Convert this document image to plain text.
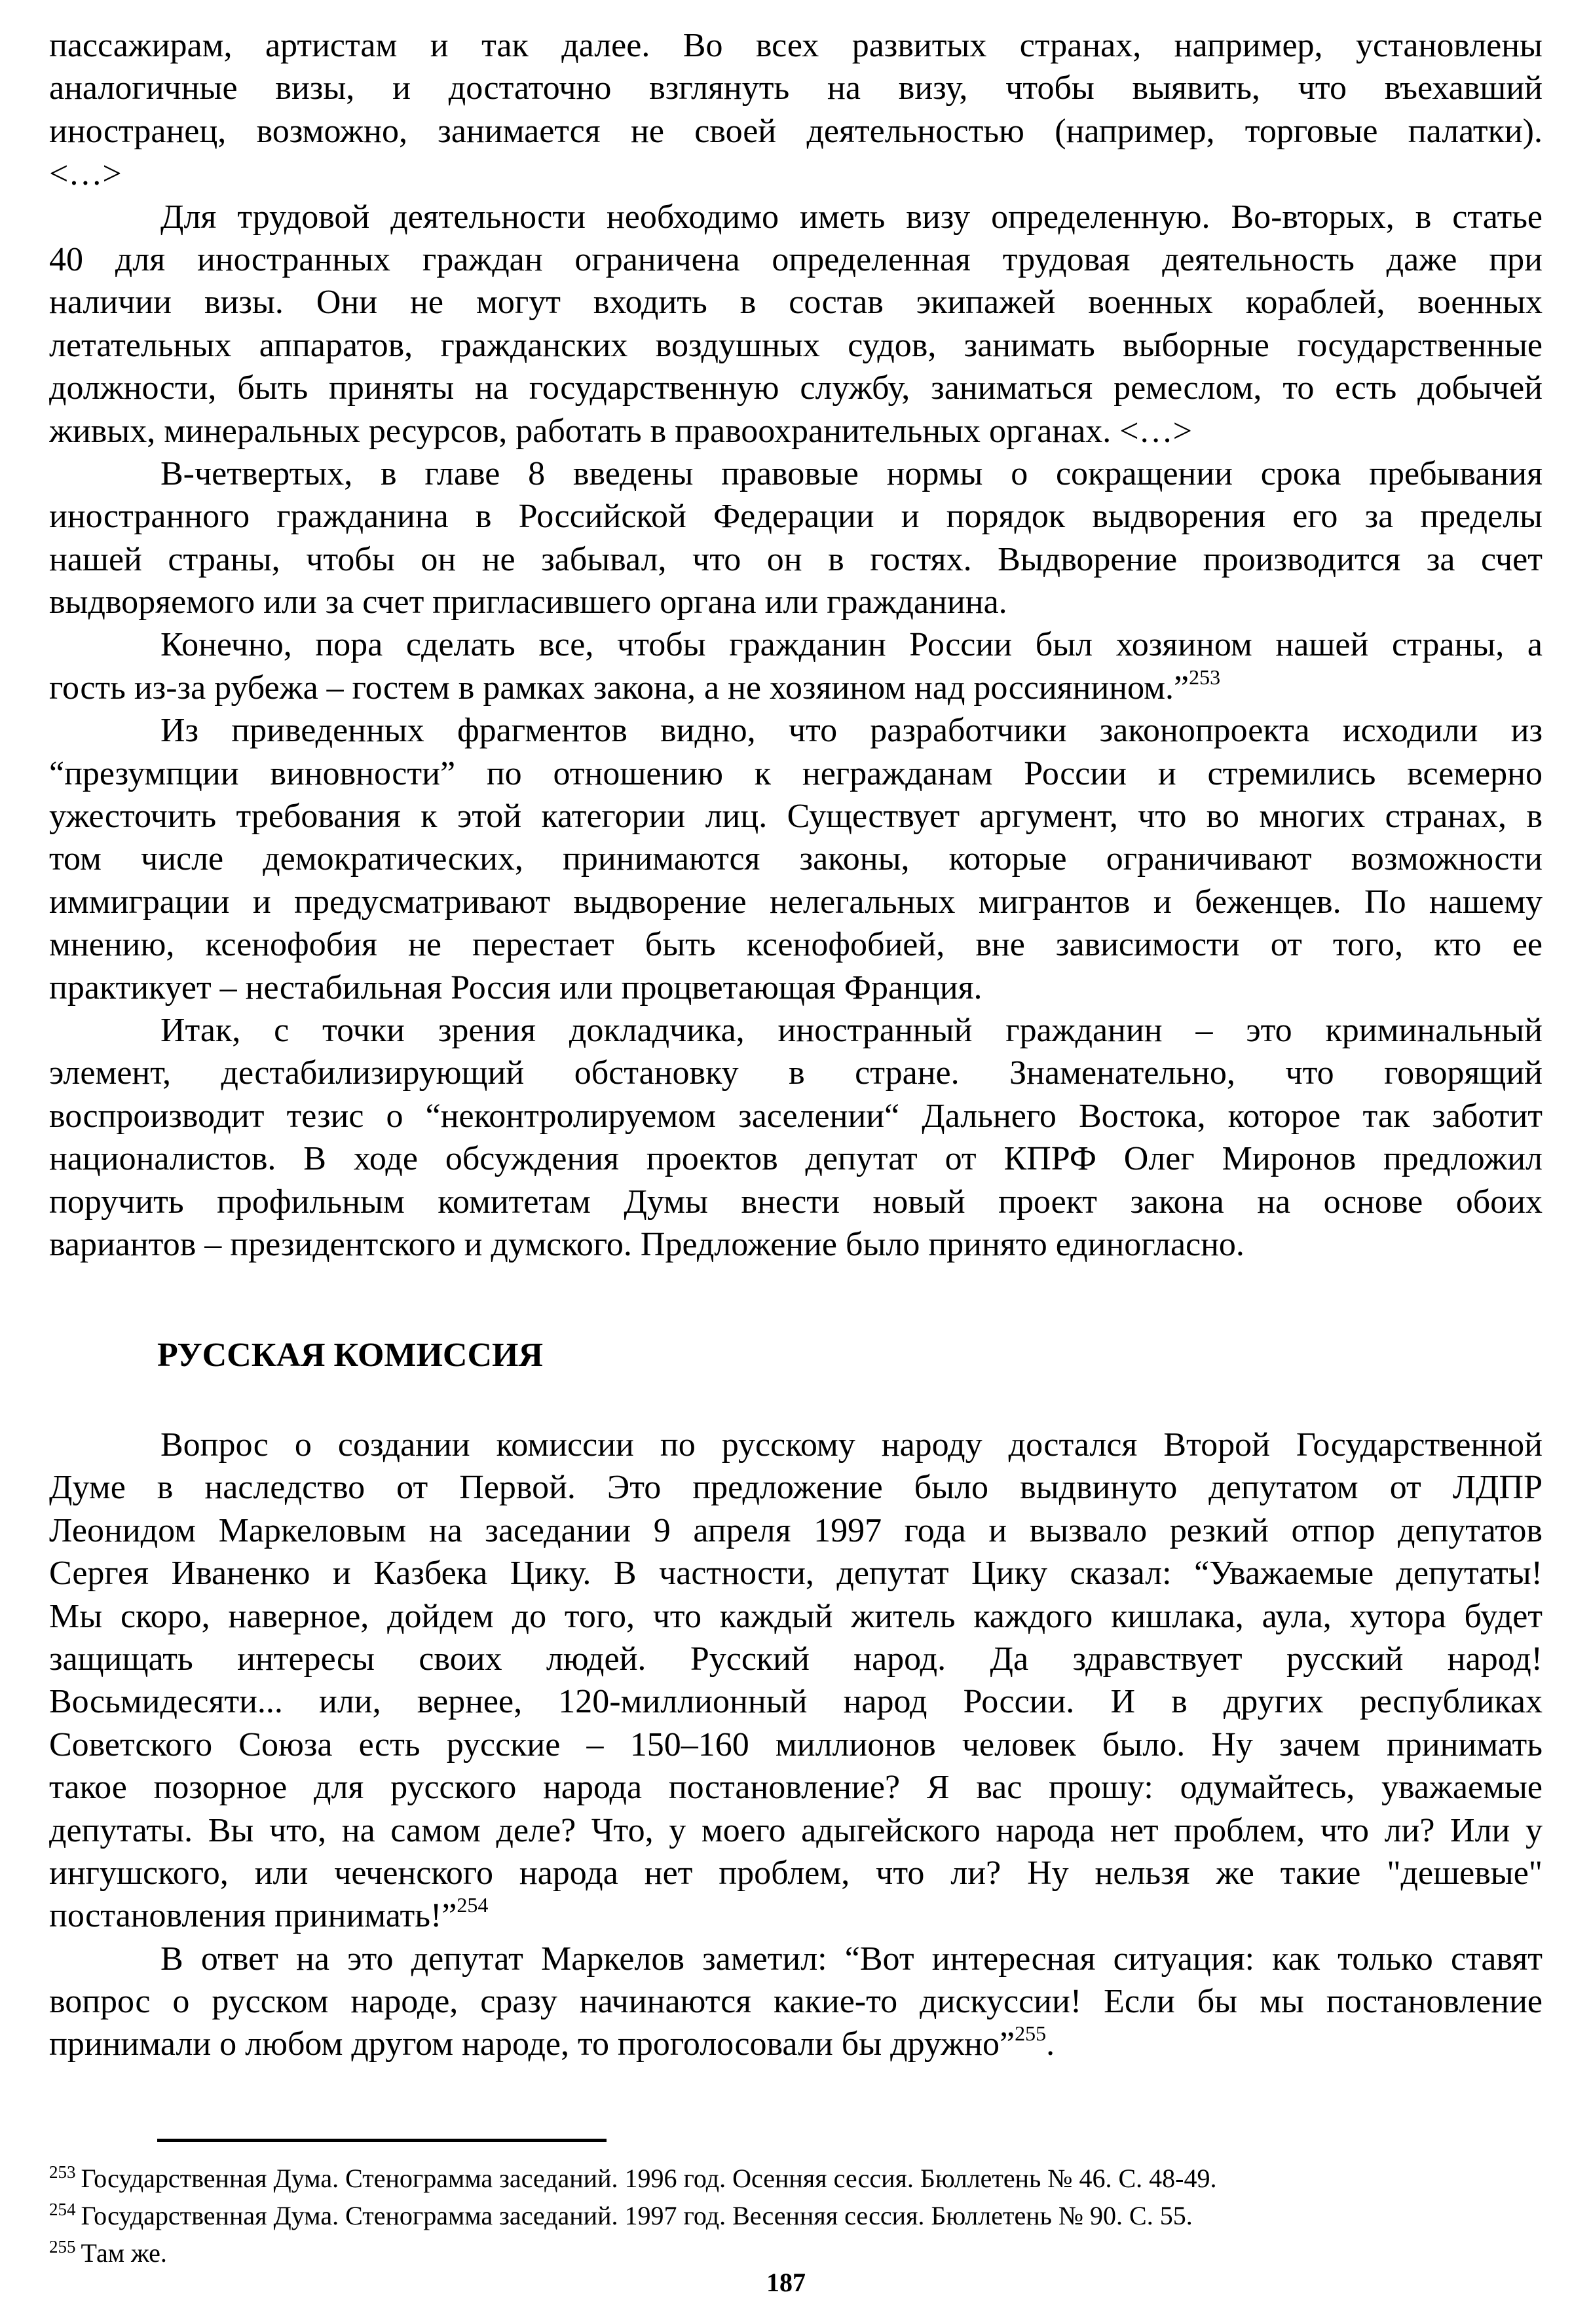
пассажирам, артистам и так далее. Во всех развитых странах, например, установлены
аналогичные визы, и достаточно взглянуть на визу, чтобы выявить, что въехавший
иностранец, возможно, занимается не своей деятельностью (например, торговые палатки).
<…>
Для трудовой деятельности необходимо иметь визу определенную. Во-вторых, в статье
40 для иностранных граждан ограничена определенная трудовая деятельность даже при
наличии визы. Они не могут входить в состав экипажей военных кораблей, военных
летательных аппаратов, гражданских воздушных судов, занимать выборные государственные
должности, быть приняты на государственную службу, заниматься ремеслом, то есть добычей
живых, минеральных ресурсов, работать в правоохранительных органах. <…>
В-четвертых, в главе 8 введены правовые нормы о сокращении срока пребывания
иностранного гражданина в Российской Федерации и порядок выдворения его за пределы
нашей страны, чтобы он не забывал, что он в гостях. Выдворение производится за счет
выдворяемого или за счет пригласившего органа или гражданина.
Конечно, пора сделать все, чтобы гражданин России был хозяином нашей страны, а
гость из-за рубежа – гостем в рамках закона, а не хозяином над россиянином.”$^{253}$
Из приведенных фрагментов видно, что разработчики законопроекта исходили из
“презумпции виновности” по отношению к негражданам России и стремились всемерно
ужесточить требования к этой категории лиц. Существует аргумент, что во многих странах, в
том числе демократических, принимаются законы, которые ограничивают возможности
иммиграции и предусматривают выдворение нелегальных мигрантов и беженцев. По нашему
мнению, ксенофобия не перестает быть ксенофобией, вне зависимости от того, кто ее
практикует – нестабильная Россия или процветающая Франция.
Итак, с точки зрения докладчика, иностранный гражданин – это криминальный
элемент, дестабилизирующий обстановку в стране. Знаменательно, что говорящий
воспроизводит тезис о “неконтролируемом заселении“ Дальнего Востока, которое так заботит
националистов. В ходе обсуждения проектов депутат от КПРФ Олег Миронов предложил
поручить профильным комитетам Думы внести новый проект закона на основе обоих
вариантов – президентского и думского. Предложение было принято единогласно.
РУССКАЯ КОМИССИЯ
Вопрос о создании комиссии по русскому народу достался Второй Государственной
Думе в наследство от Первой. Это предложение было выдвинуто депутатом от ЛДПР
Леонидом Маркеловым на заседании 9 апреля 1997 года и вызвало резкий отпор депутатов
Сергея Иваненко и Казбека Цику. В частности, депутат Цику сказал: “Уважаемые депутаты!
Мы скоро, наверное, дойдем до того, что каждый житель каждого кишлака, аула, хутора будет
защищать интересы своих людей. Русский народ. Да здравствует русский народ!
Восьмидесяти... или, вернее, 120-миллионный народ России. И в других республиках
Советского Союза есть русские – 150–160 миллионов человек было. Ну зачем принимать
такое позорное для русского народа постановление? Я вас прошу: одумайтесь, уважаемые
депутаты. Вы что, на самом деле? Что, у моего адыгейского народа нет проблем, что ли? Или у
ингушского, или чеченского народа нет проблем, что ли? Ну нельзя же такие "дешевые"
постановления принимать!”$^{254}$
В ответ на это депутат Маркелов заметил: “Вот интересная ситуация: как только ставят
вопрос о русском народе, сразу начинаются какие-то дискуссии! Если бы мы постановление
принимали о любом другом народе, то проголосовали бы дружно”$^{255}$.
$^{253}$ Государственная Дума. Стенограмма заседаний. 1996 год. Осенняя сессия. Бюллетень № 46. С. 48-49.
$^{254}$ Государственная Дума. Стенограмма заседаний. 1997 год. Весенняя сессия. Бюллетень № 90. С. 55.
$^{255}$ Там же.
187
